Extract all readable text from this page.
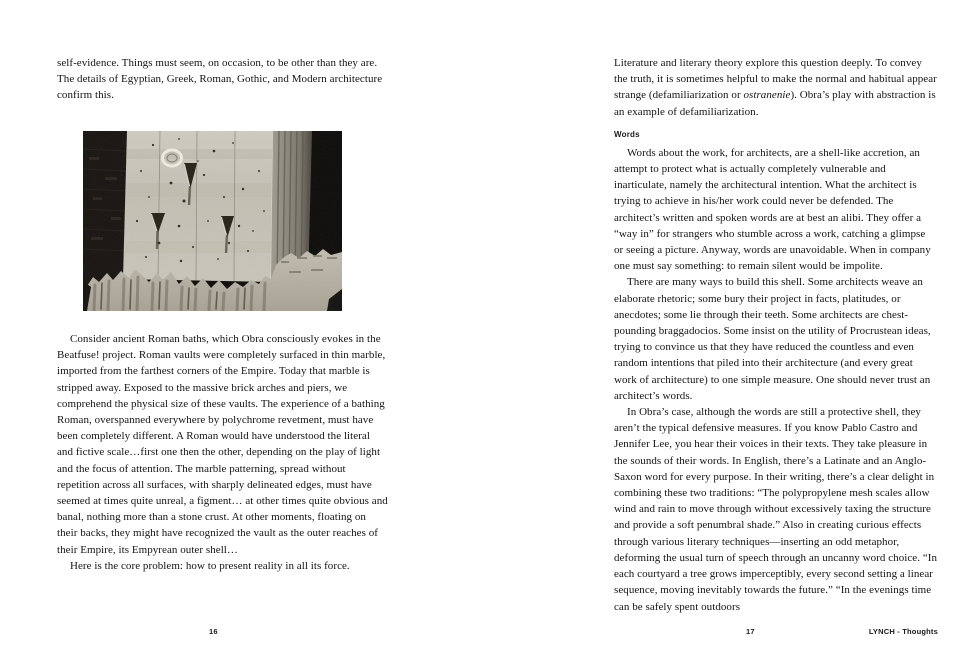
self-evidence. Things must seem, on occasion, to be other than they are. The details of Egyptian, Greek, Roman, Gothic, and Modern architecture confirm this.

Consider ancient Roman baths, which Obra consciously evokes in the Beatfuse! project. Roman vaults were completely surfaced in thin marble, imported from the farthest corners of the Empire. Today that marble is stripped away. Exposed to the massive brick arches and piers, we comprehend the physical size of these vaults. The experience of a bathing Roman, overspanned everywhere by polychrome revetment, must have been completely different. A Roman would have understood the literal and fictive scale…first one then the other, depending on the play of light and the focus of attention. The marble patterning, spread without repetition across all surfaces, with sharply delineated edges, must have seemed at times quite unreal, a figment… at other times quite obvious and banal, nothing more than a stone crust. At other moments, floating on their backs, they might have recognized the vault as the outer reaches of their Empire, its Empyrean outer shell…

Here is the core problem: how to present reality in all its force.

16

Literature and literary theory explore this question deeply. To convey the truth, it is sometimes helpful to make the normal and habitual appear strange (defamiliarization or ostranenie). Obra’s play with abstraction is an example of defamiliarization.

Words

Words about the work, for architects, are a shell-like accretion, an attempt to protect what is actually completely vulnerable and inarticulate, namely the architectural intention. What the architect is trying to achieve in his/her work could never be defended. The architect’s written and spoken words are at best an alibi. They offer a “way in” for strangers who stumble across a work, catching a glimpse or seeing a picture. Anyway, words are unavoidable. When in company one must say something: to remain silent would be impolite.

There are many ways to build this shell. Some architects weave an elaborate rhetoric; some bury their project in facts, platitudes, or anecdotes; some lie through their teeth. Some architects are chest-pounding braggadocios. Some insist on the utility of Procrustean ideas, trying to convince us that they have reduced the countless and even random intentions that piled into their architecture (and every great work of architecture) to one simple measure. One should never trust an architect’s words.

In Obra’s case, although the words are still a protective shell, they aren’t the typical defensive measures. If you know Pablo Castro and Jennifer Lee, you hear their voices in their texts. They take pleasure in the sounds of their words. In English, there’s a Latinate and an Anglo-Saxon word for every purpose. In their writing, there’s a clear delight in combining these two traditions: “The polypropylene mesh scales allow wind and rain to move through without excessively taxing the structure and provide a soft penumbral shade.” Also in creating curious effects through various literary techniques—inserting an odd metaphor, deforming the usual turn of speech through an uncanny word choice. “In each courtyard a tree grows imperceptibly, every second setting a linear sequence, moving inevitably towards the future.” “In the evenings time can be safely spent outdoors

17	LYNCH - Thoughts
